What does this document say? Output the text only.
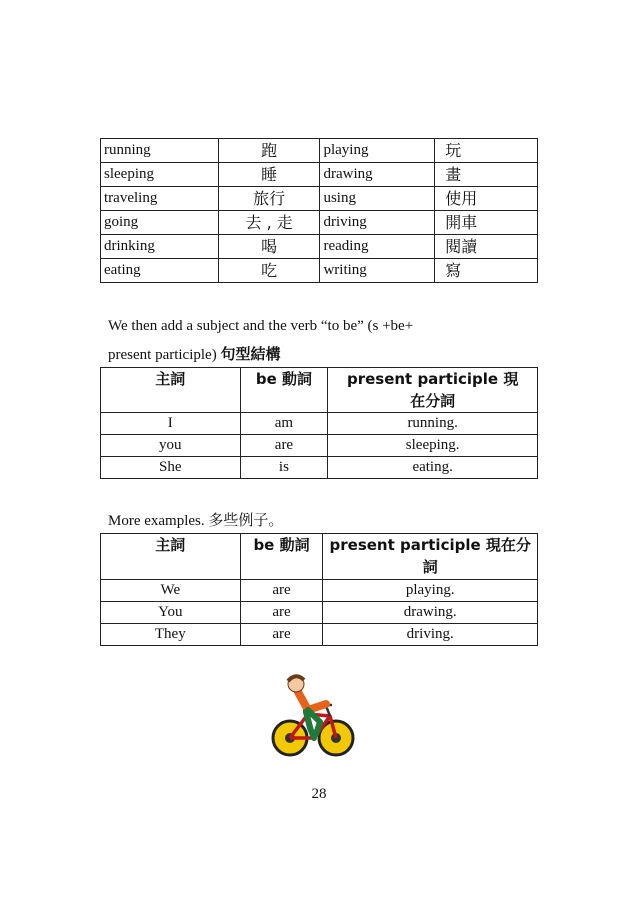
running	跑	playing	玩
sleeping	睡	drawing	畫
traveling	旅行	using	使用
going	去 , 走	driving	開車
drinking	喝	reading	閱讀
eating	吃	writing	寫
We then add a subject and the verb “to be” (s +be+
present participle) 句型結構
主詞	be 動詞	present participle 現在分詞
I	am	running.
you	are	sleeping.
She	is	eating.
More examples. 多些例子。
主詞	be 動詞	present participle 現在分詞
We	are	playing.
You	are	drawing.
They	are	driving.
28
